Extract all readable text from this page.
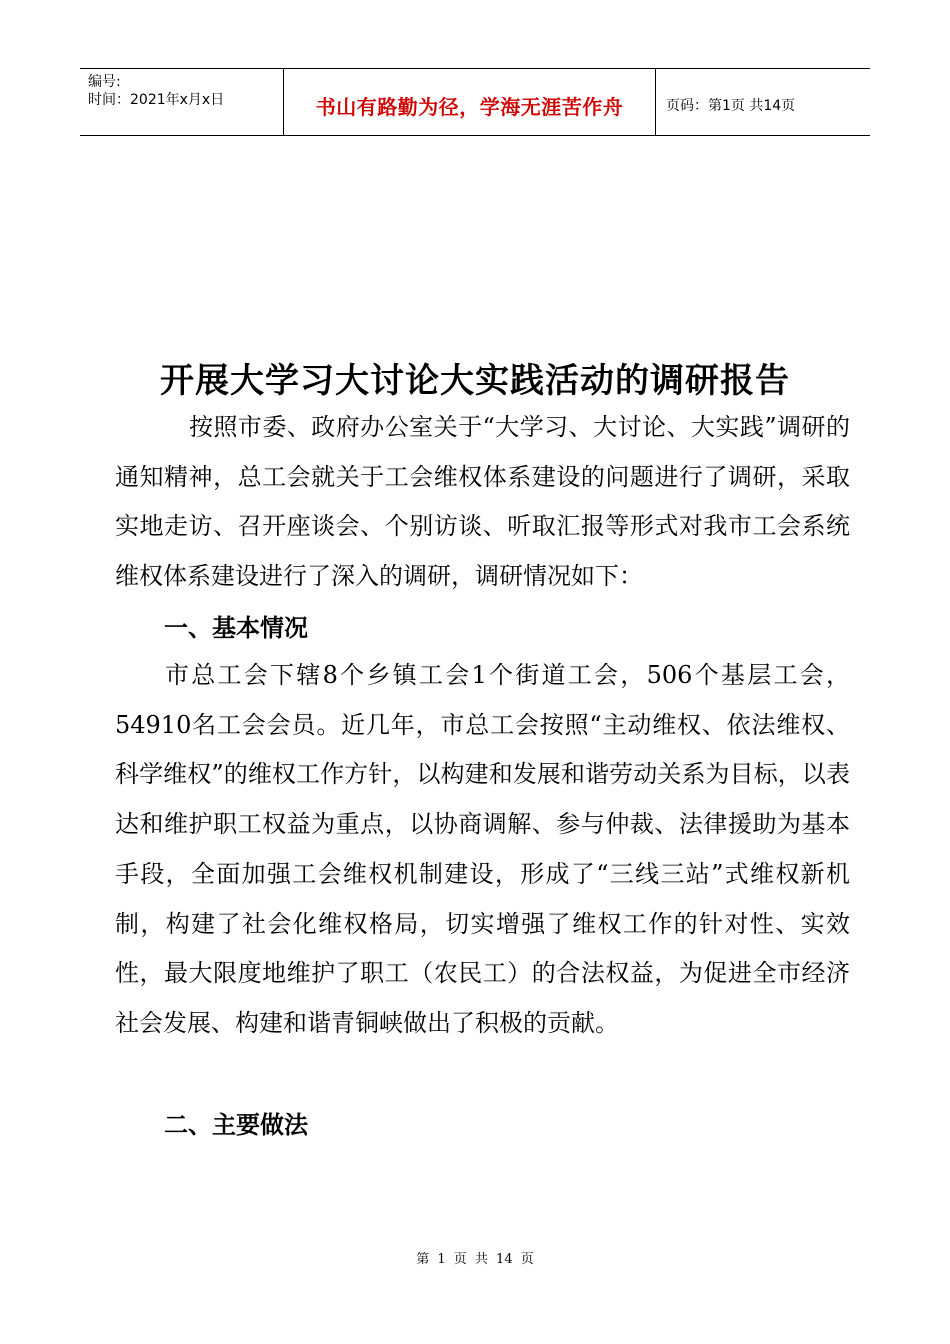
编号:
时间：2021年x月x日	书山有路勤为径，学海无涯苦作舟	页码：第1页 共14页
开展大学习大讨论大实践活动的调研报告

按照市委、政府办公室关于“大学习、大讨论、大实践”调研的通知精神，总工会就关于工会维权体系建设的问题进行了调研，采取实地走访、召开座谈会、个别访谈、听取汇报等形式对我市工会系统维权体系建设进行了深入的调研，调研情况如下：

一、基本情况

市总工会下辖8个乡镇工会1个街道工会，506个基层工会，54910名工会会员。近几年，市总工会按照“主动维权、依法维权、科学维权”的维权工作方针，以构建和发展和谐劳动关系为目标，以表达和维护职工权益为重点，以协商调解、参与仲裁、法律援助为基本手段，全面加强工会维权机制建设，形成了“三线三站”式维权新机制，构建了社会化维权格局，切实增强了维权工作的针对性、实效性，最大限度地维护了职工（农民工）的合法权益，为促进全市经济社会发展、构建和谐青铜峡做出了积极的贡献。

二、主要做法
第 1 页 共 14 页
